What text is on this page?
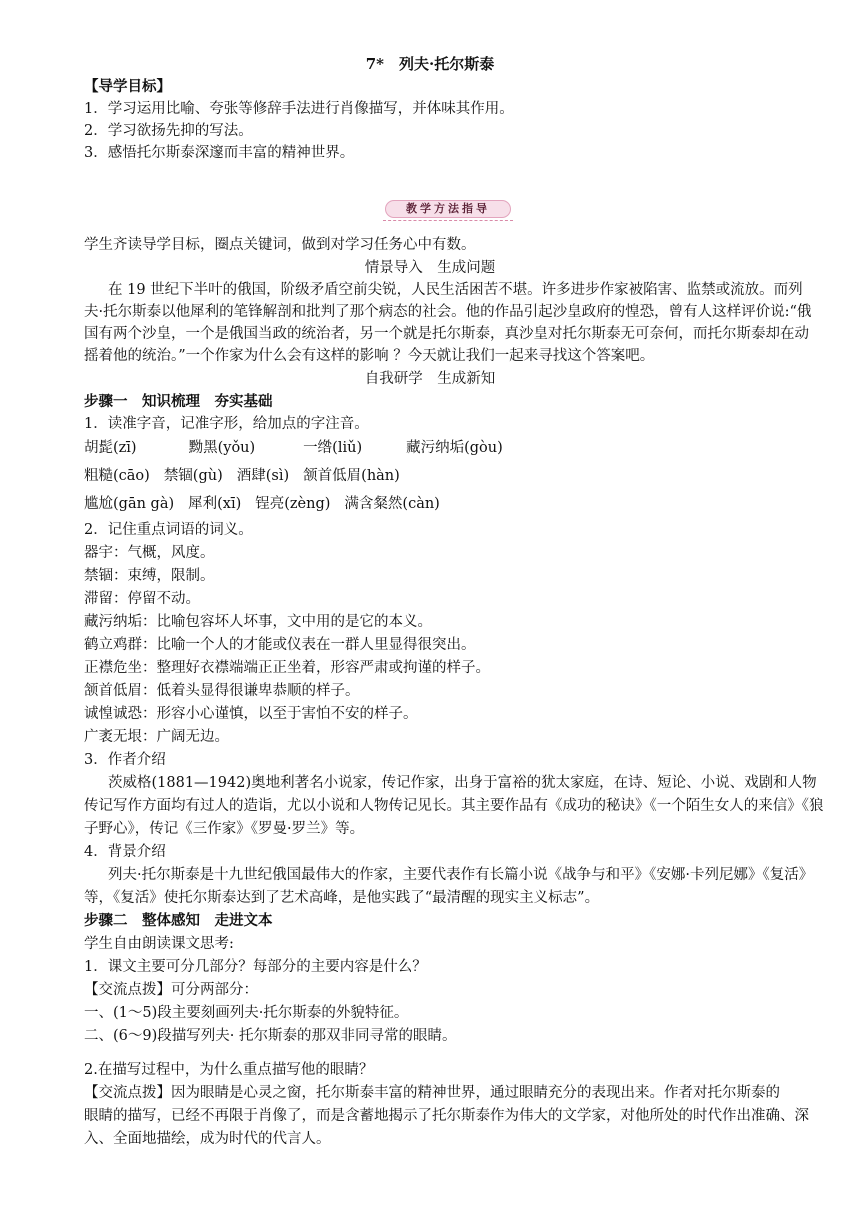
7*　列夫·托尔斯泰
【导学目标】
1．学习运用比喻、夸张等修辞手法进行肖像描写，并体味其作用。
2．学习欲扬先抑的写法。
3．感悟托尔斯泰深邃而丰富的精神世界。
教学方法指导
学生齐读导学目标，圈点关键词，做到对学习任务心中有数。
情景导入　生成问题
在 19 世纪下半叶的俄国，阶级矛盾空前尖锐，人民生活困苦不堪。许多进步作家被陷害、监禁或流放。而列
夫·托尔斯泰以他犀利的笔锋解剖和批判了那个病态的社会。他的作品引起沙皇政府的惶恐，曾有人这样评价说:“俄
国有两个沙皇，一个是俄国当政的统治者，另一个就是托尔斯泰，真沙皇对托尔斯泰无可奈何，而托尔斯泰却在动
摇着他的统治。”一个作家为什么会有这样的影响 ？今天就让我们一起来寻找这个答案吧。
自我研学　生成新知
步骤一　知识梳理　夯实基础
1．读准字音，记准字形，给加点的字注音。
胡髭(zī)	黝黑(yǒu)	一绺(liǔ)	藏污纳垢(gòu)
粗糙(cāo) 禁锢(gù) 酒肆(sì) 颔首低眉(hàn)
尴尬(gān gà) 犀利(xī) 锃亮(zèng) 满含粲然(càn)
2．记住重点词语的词义。
器宇：气概，风度。
禁锢：束缚，限制。
滞留：停留不动。
藏污纳垢：比喻包容坏人坏事，文中用的是它的本义。
鹤立鸡群：比喻一个人的才能或仪表在一群人里显得很突出。
正襟危坐：整理好衣襟端端正正坐着，形容严肃或拘谨的样子。
颔首低眉：低着头显得很谦卑恭顺的样子。
诚惶诚恐：形容小心谨慎，以至于害怕不安的样子。
广袤无垠：广阔无边。
3．作者介绍
茨威格(1881—1942)奥地利著名小说家，传记作家，出身于富裕的犹太家庭，在诗、短论、小说、戏剧和人物
传记写作方面均有过人的造诣，尤以小说和人物传记见长。其主要作品有《成功的秘诀》《一个陌生女人的来信》《狼
子野心》，传记《三作家》《罗曼·罗兰》等。
4．背景介绍
列夫·托尔斯泰是十九世纪俄国最伟大的作家，主要代表作有长篇小说《战争与和平》《安娜·卡列尼娜》《复活》
等，《复活》使托尔斯泰达到了艺术高峰，是他实践了“最清醒的现实主义标志”。
步骤二　整体感知　走进文本
学生自由朗读课文思考:
1．课文主要可分几部分？每部分的主要内容是什么？
【交流点拨】可分两部分：
一、(1～5)段主要刻画列夫·托尔斯泰的外貌特征。
二、(6～9)段描写列夫· 托尔斯泰的那双非同寻常的眼睛。
2.在描写过程中，为什么重点描写他的眼睛？
【交流点拨】因为眼睛是心灵之窗，托尔斯泰丰富的精神世界，通过眼睛充分的表现出来。作者对托尔斯泰的
眼睛的描写，已经不再限于肖像了，而是含蓄地揭示了托尔斯泰作为伟大的文学家，对他所处的时代作出准确、深
入、全面地描绘，成为时代的代言人。
